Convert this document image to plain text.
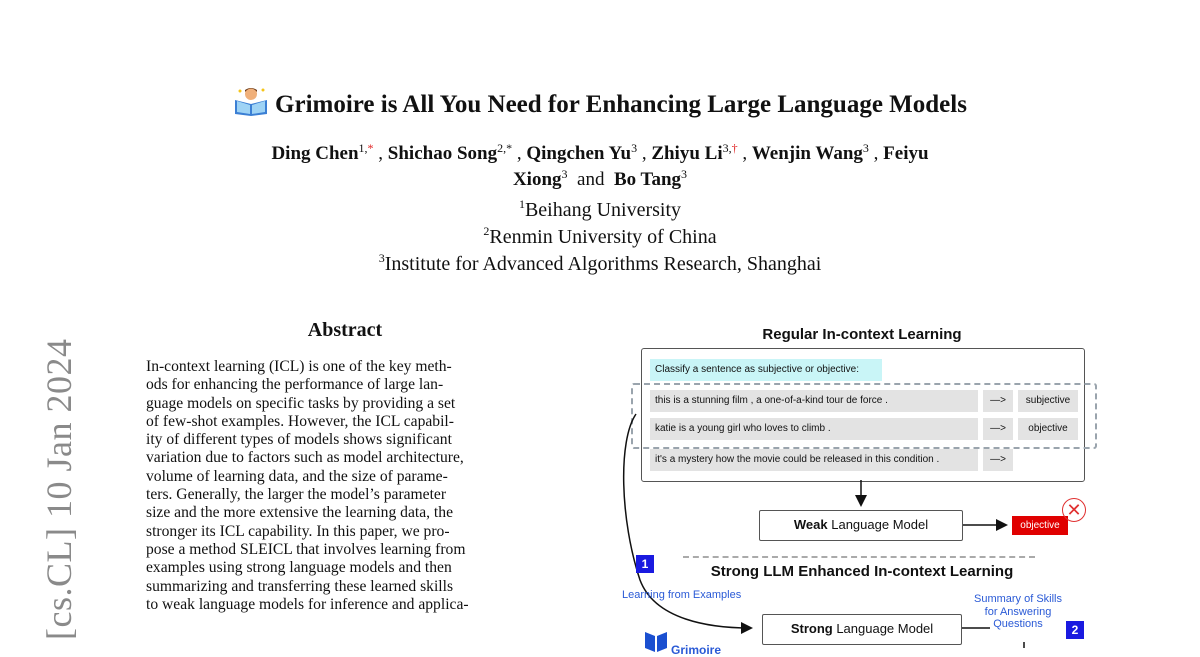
Grimoire is All You Need for Enhancing Large Language Models
Ding Chen$^{1,*}$ , Shichao Song$^{2,*}$ , Qingchen Yu$^3$ , Zhiyu $Li^{3,\dagger}$ , Wenjin Wang$^3$ , Feiyu
Xiong$^3$ and Bo Tang$^3$
$^1$Beihang University
$^2$Renmin University of China
$^3$Institute for Advanced Algorithms Research, Shanghai
[cs.CL] 10 Jan 2024
Abstract
In-context learning (ICL) is one of the key meth-
ods for enhancing the performance of large lan-
guage models on specific tasks by providing a set
of few-shot examples. However, the ICL capabil-
ity of different types of models shows significant
variation due to factors such as model architecture,
volume of learning data, and the size of parame-
ters. Generally, the larger the model’s parameter
size and the more extensive the learning data, the
stronger its ICL capability. In this paper, we pro-
pose a method SLEICL that involves learning from
examples using strong language models and then
summarizing and transferring these learned skills
to weak language models for inference and applica-
Regular In-context Learning
Classify a sentence as subjective or objective:
this is a stunning film , a one-of-a-kind tour de force .	—>	subjective
katie is a young girl who loves to climb .	—>	objective
it's a mystery how the movie could be released in this condition .	—>
Weak Language Model	objective
✕
Strong LLM Enhanced In-context Learning
1
Learning from Examples
Strong Language Model
Summary of Skills
for Answering
Questions	2
$_{Grimoire}$
